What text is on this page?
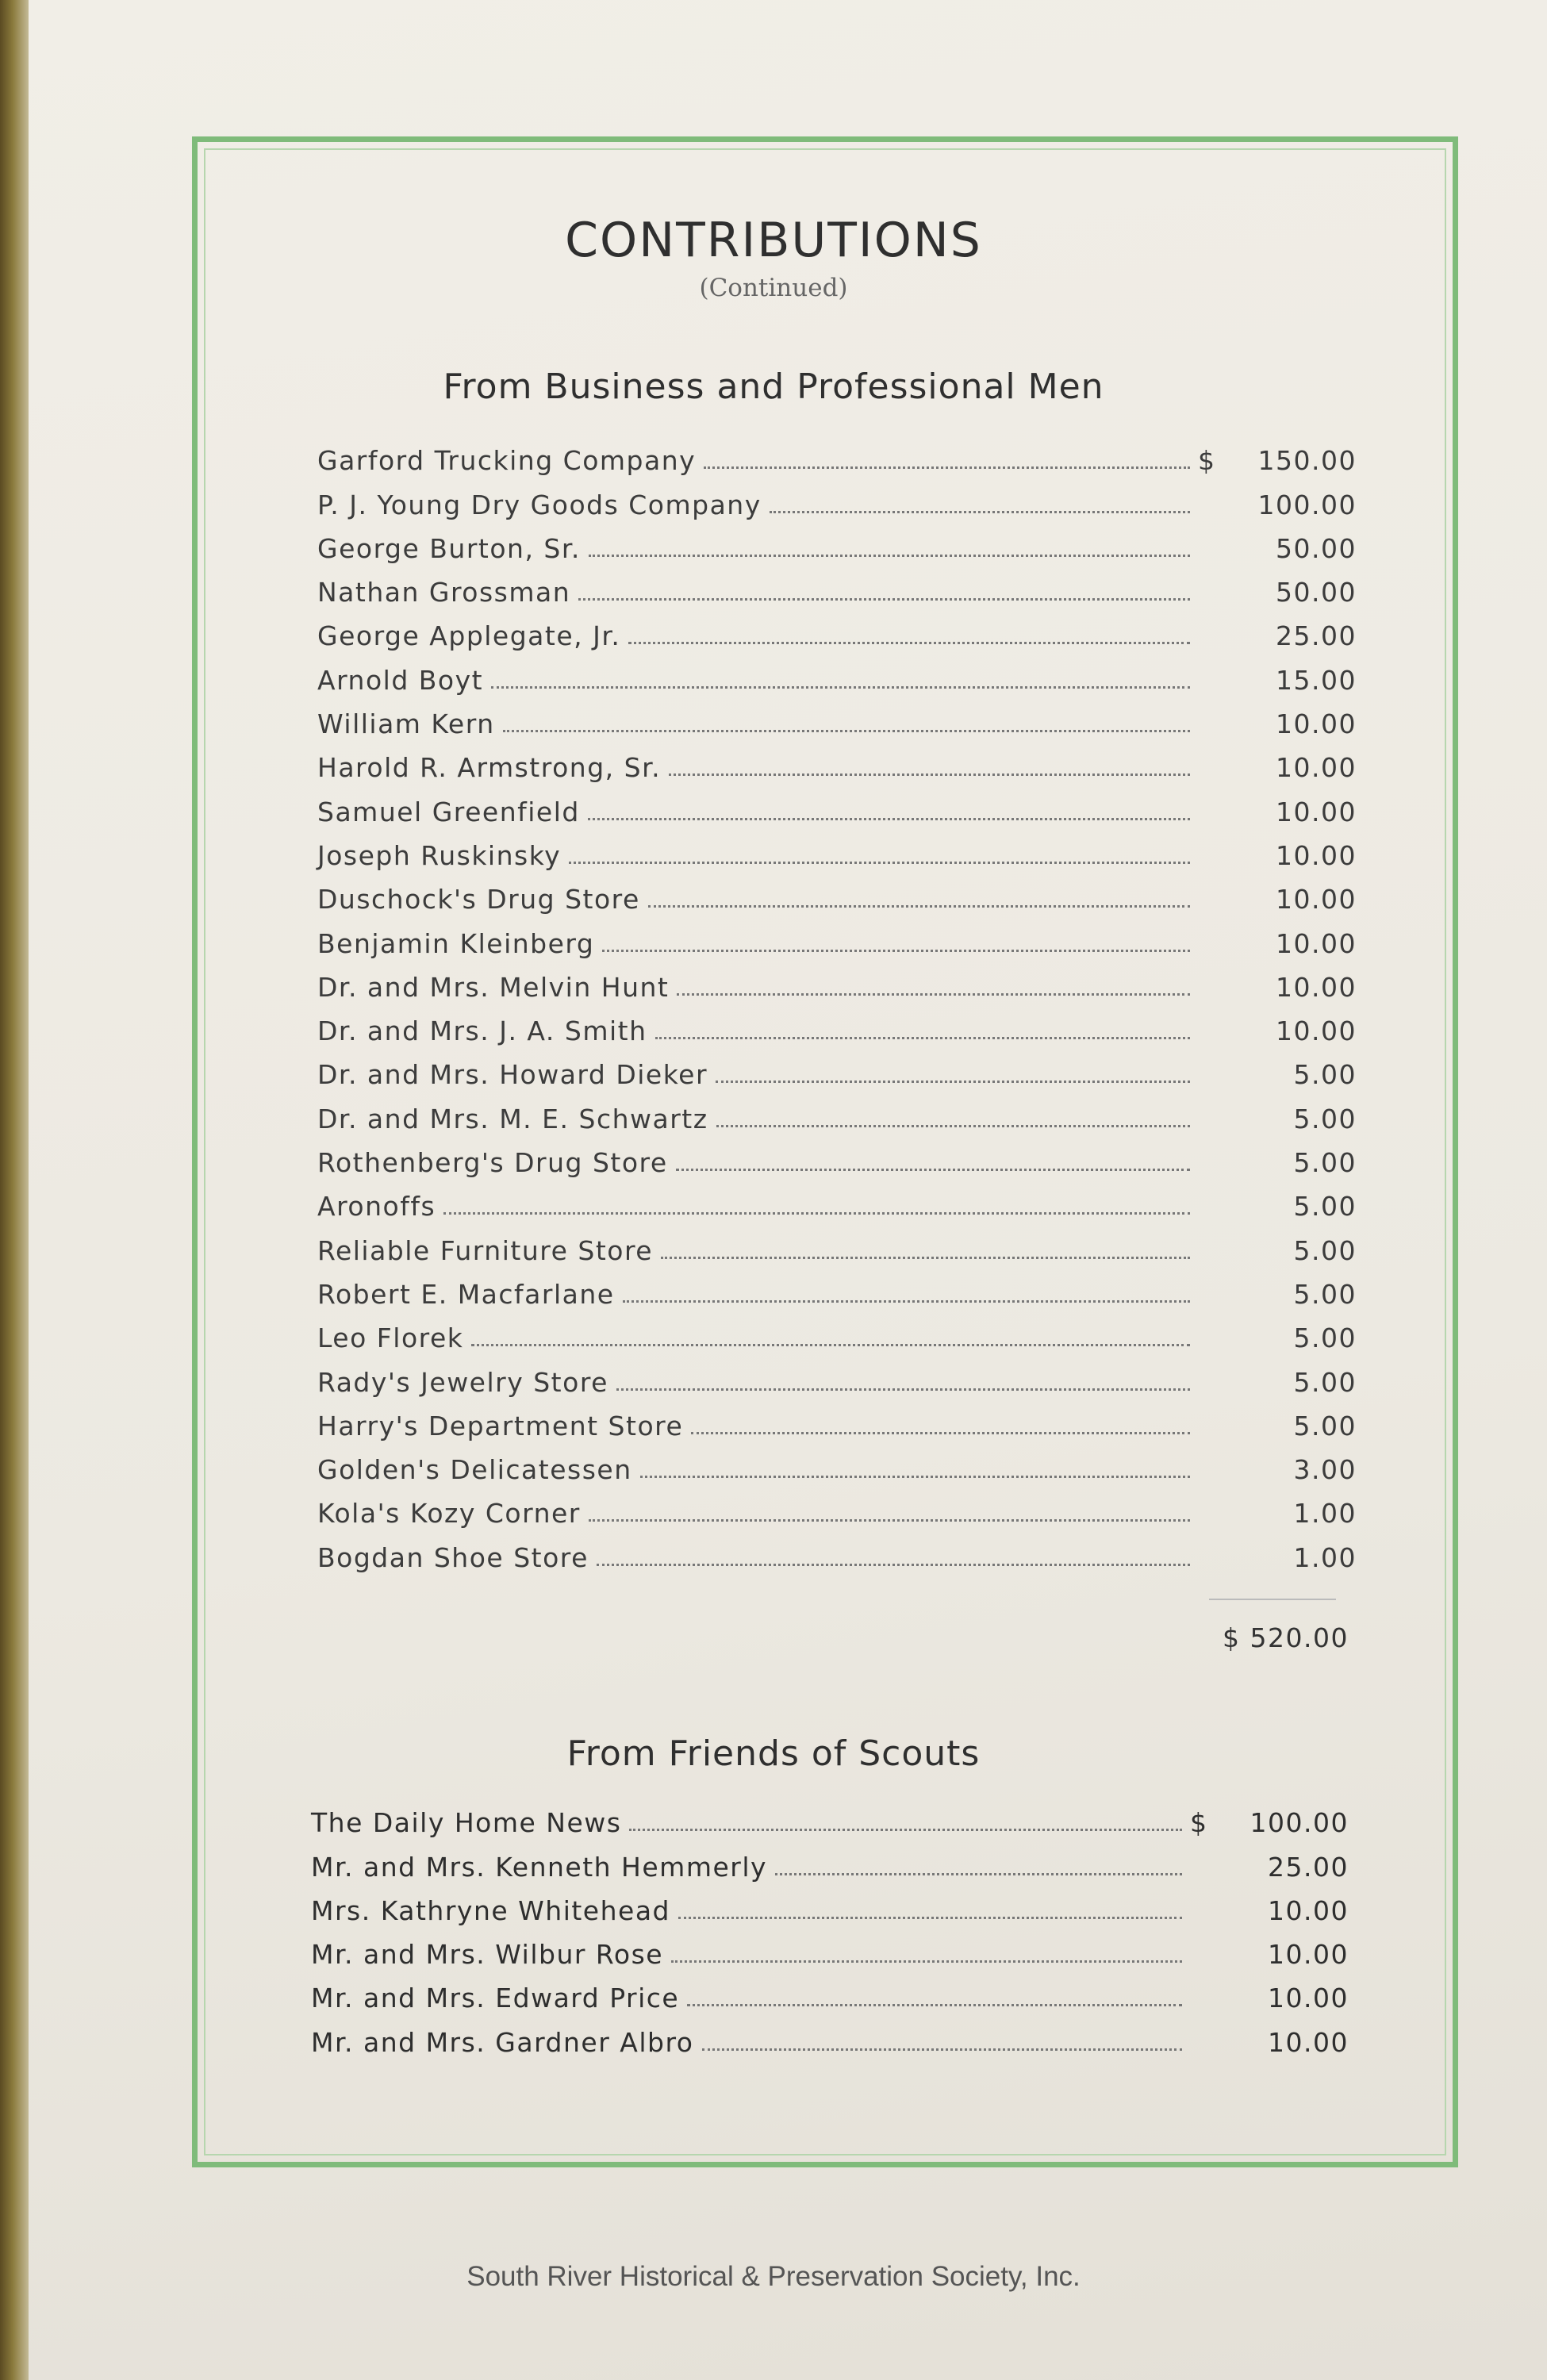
CONTRIBUTIONS
(Continued)
From Business and Professional Men
Garford Trucking Company	$	150.00
P. J. Young Dry Goods Company	100.00
George Burton, Sr.	50.00
Nathan Grossman	50.00
George Applegate, Jr.	25.00
Arnold Boyt	15.00
William Kern	10.00
Harold R. Armstrong, Sr.	10.00
Samuel Greenfield	10.00
Joseph Ruskinsky	10.00
Duschock's Drug Store	10.00
Benjamin Kleinberg	10.00
Dr. and Mrs. Melvin Hunt	10.00
Dr. and Mrs. J. A. Smith	10.00
Dr. and Mrs. Howard Dieker	5.00
Dr. and Mrs. M. E. Schwartz	5.00
Rothenberg's Drug Store	5.00
Aronoffs	5.00
Reliable Furniture Store	5.00
Robert E. Macfarlane	5.00
Leo Florek	5.00
Rady's Jewelry Store	5.00
Harry's Department Store	5.00
Golden's Delicatessen	3.00
Kola's Kozy Corner	1.00
Bogdan Shoe Store	1.00
$ 520.00
From Friends of Scouts
The Daily Home News	$	100.00
Mr. and Mrs. Kenneth Hemmerly	25.00
Mrs. Kathryne Whitehead	10.00
Mr. and Mrs. Wilbur Rose	10.00
Mr. and Mrs. Edward Price	10.00
Mr. and Mrs. Gardner Albro	10.00
South River Historical & Preservation Society, Inc.
